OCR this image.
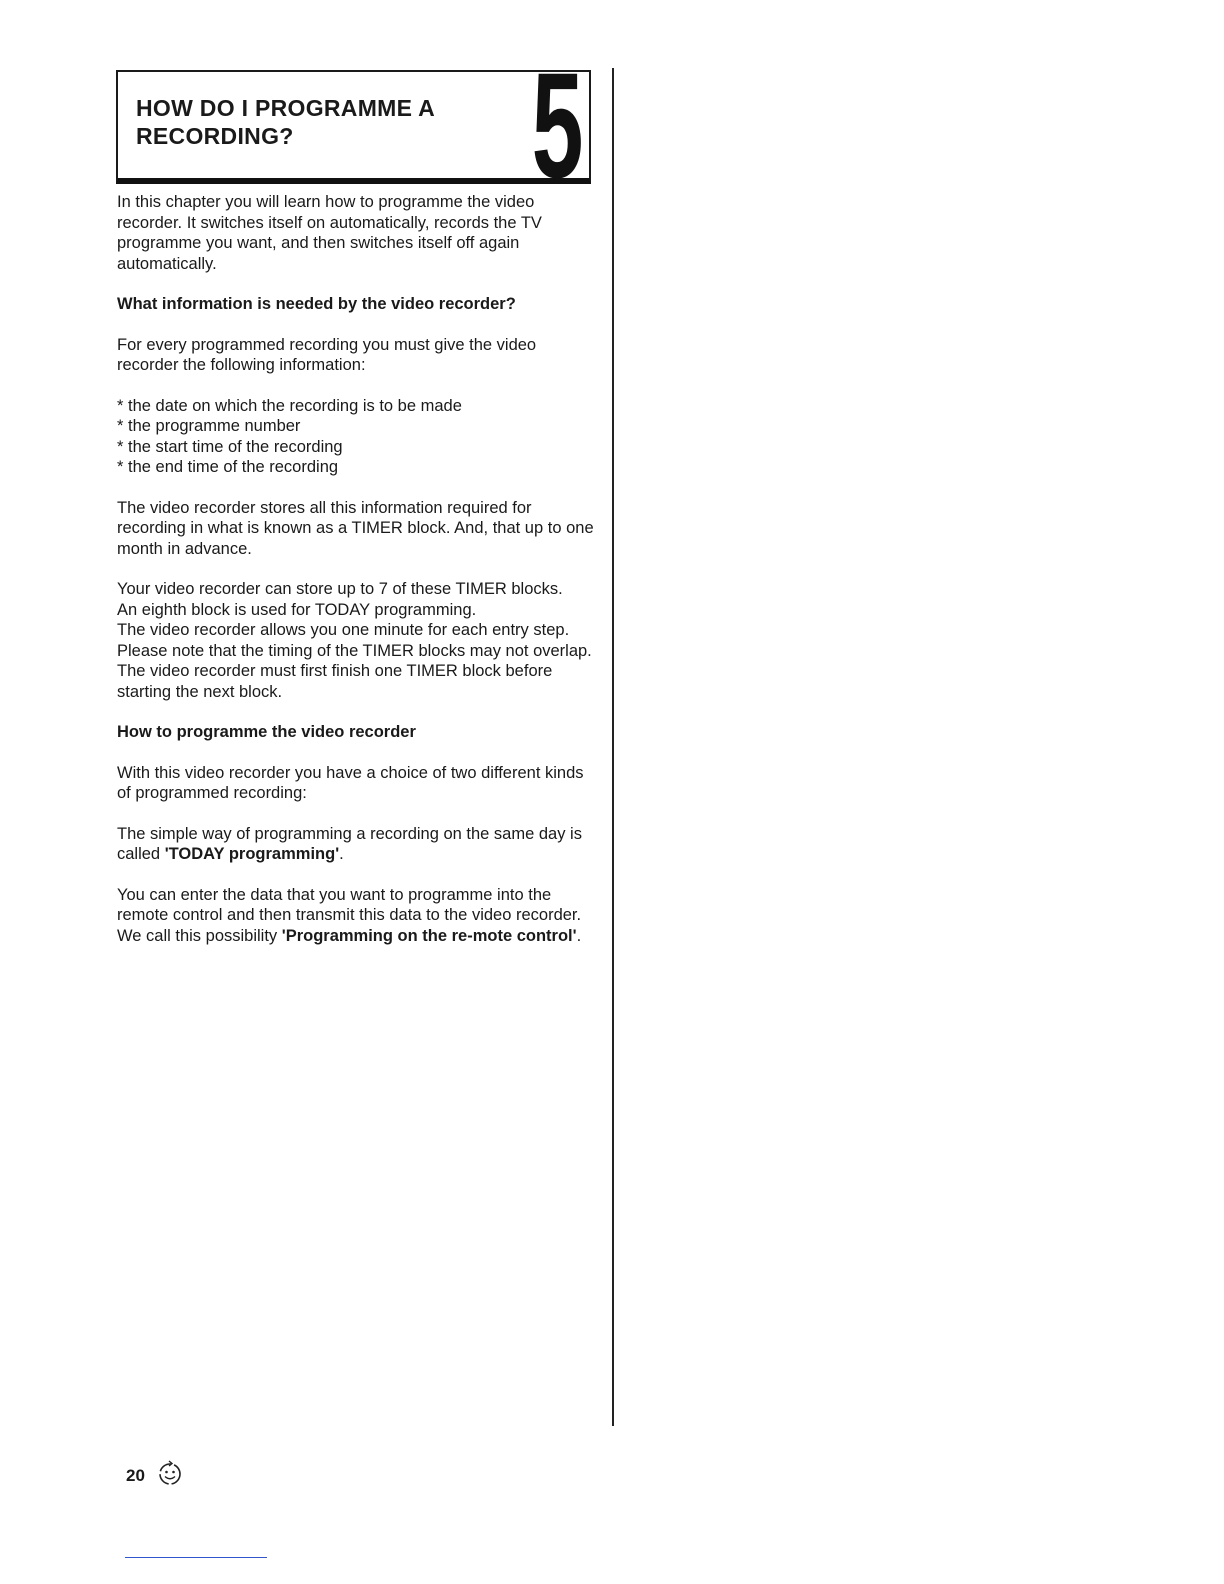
HOW DO I PROGRAMME A RECORDING?	5

In this chapter you will learn how to programme the video recorder. It switches itself on automatically, records the TV programme you want, and then switches itself off again automatically.

What information is needed by the video recorder?

For every programmed recording you must give the video recorder the following information:

* the date on which the recording is to be made
* the programme number
* the start time of the recording
* the end time of the recording

The video recorder stores all this information required for recording in what is known as a TIMER block. And, that up to one month in advance.

Your video recorder can store up to 7 of these TIMER blocks.

An eighth block is used for TODAY programming.

The video recorder allows you one minute for each entry step.

Please note that the timing of the TIMER blocks may not overlap. The video recorder must first finish one TIMER block before starting the next block.

How to programme the video recorder

With this video recorder you have a choice of two different kinds of programmed recording:

The simple way of programming a recording on the same day is called 'TODAY programming'.

You can enter the data that you want to programme into the remote control and then transmit this data to the video recorder. We call this possibility 'Programming on the re-mote control'.

20
